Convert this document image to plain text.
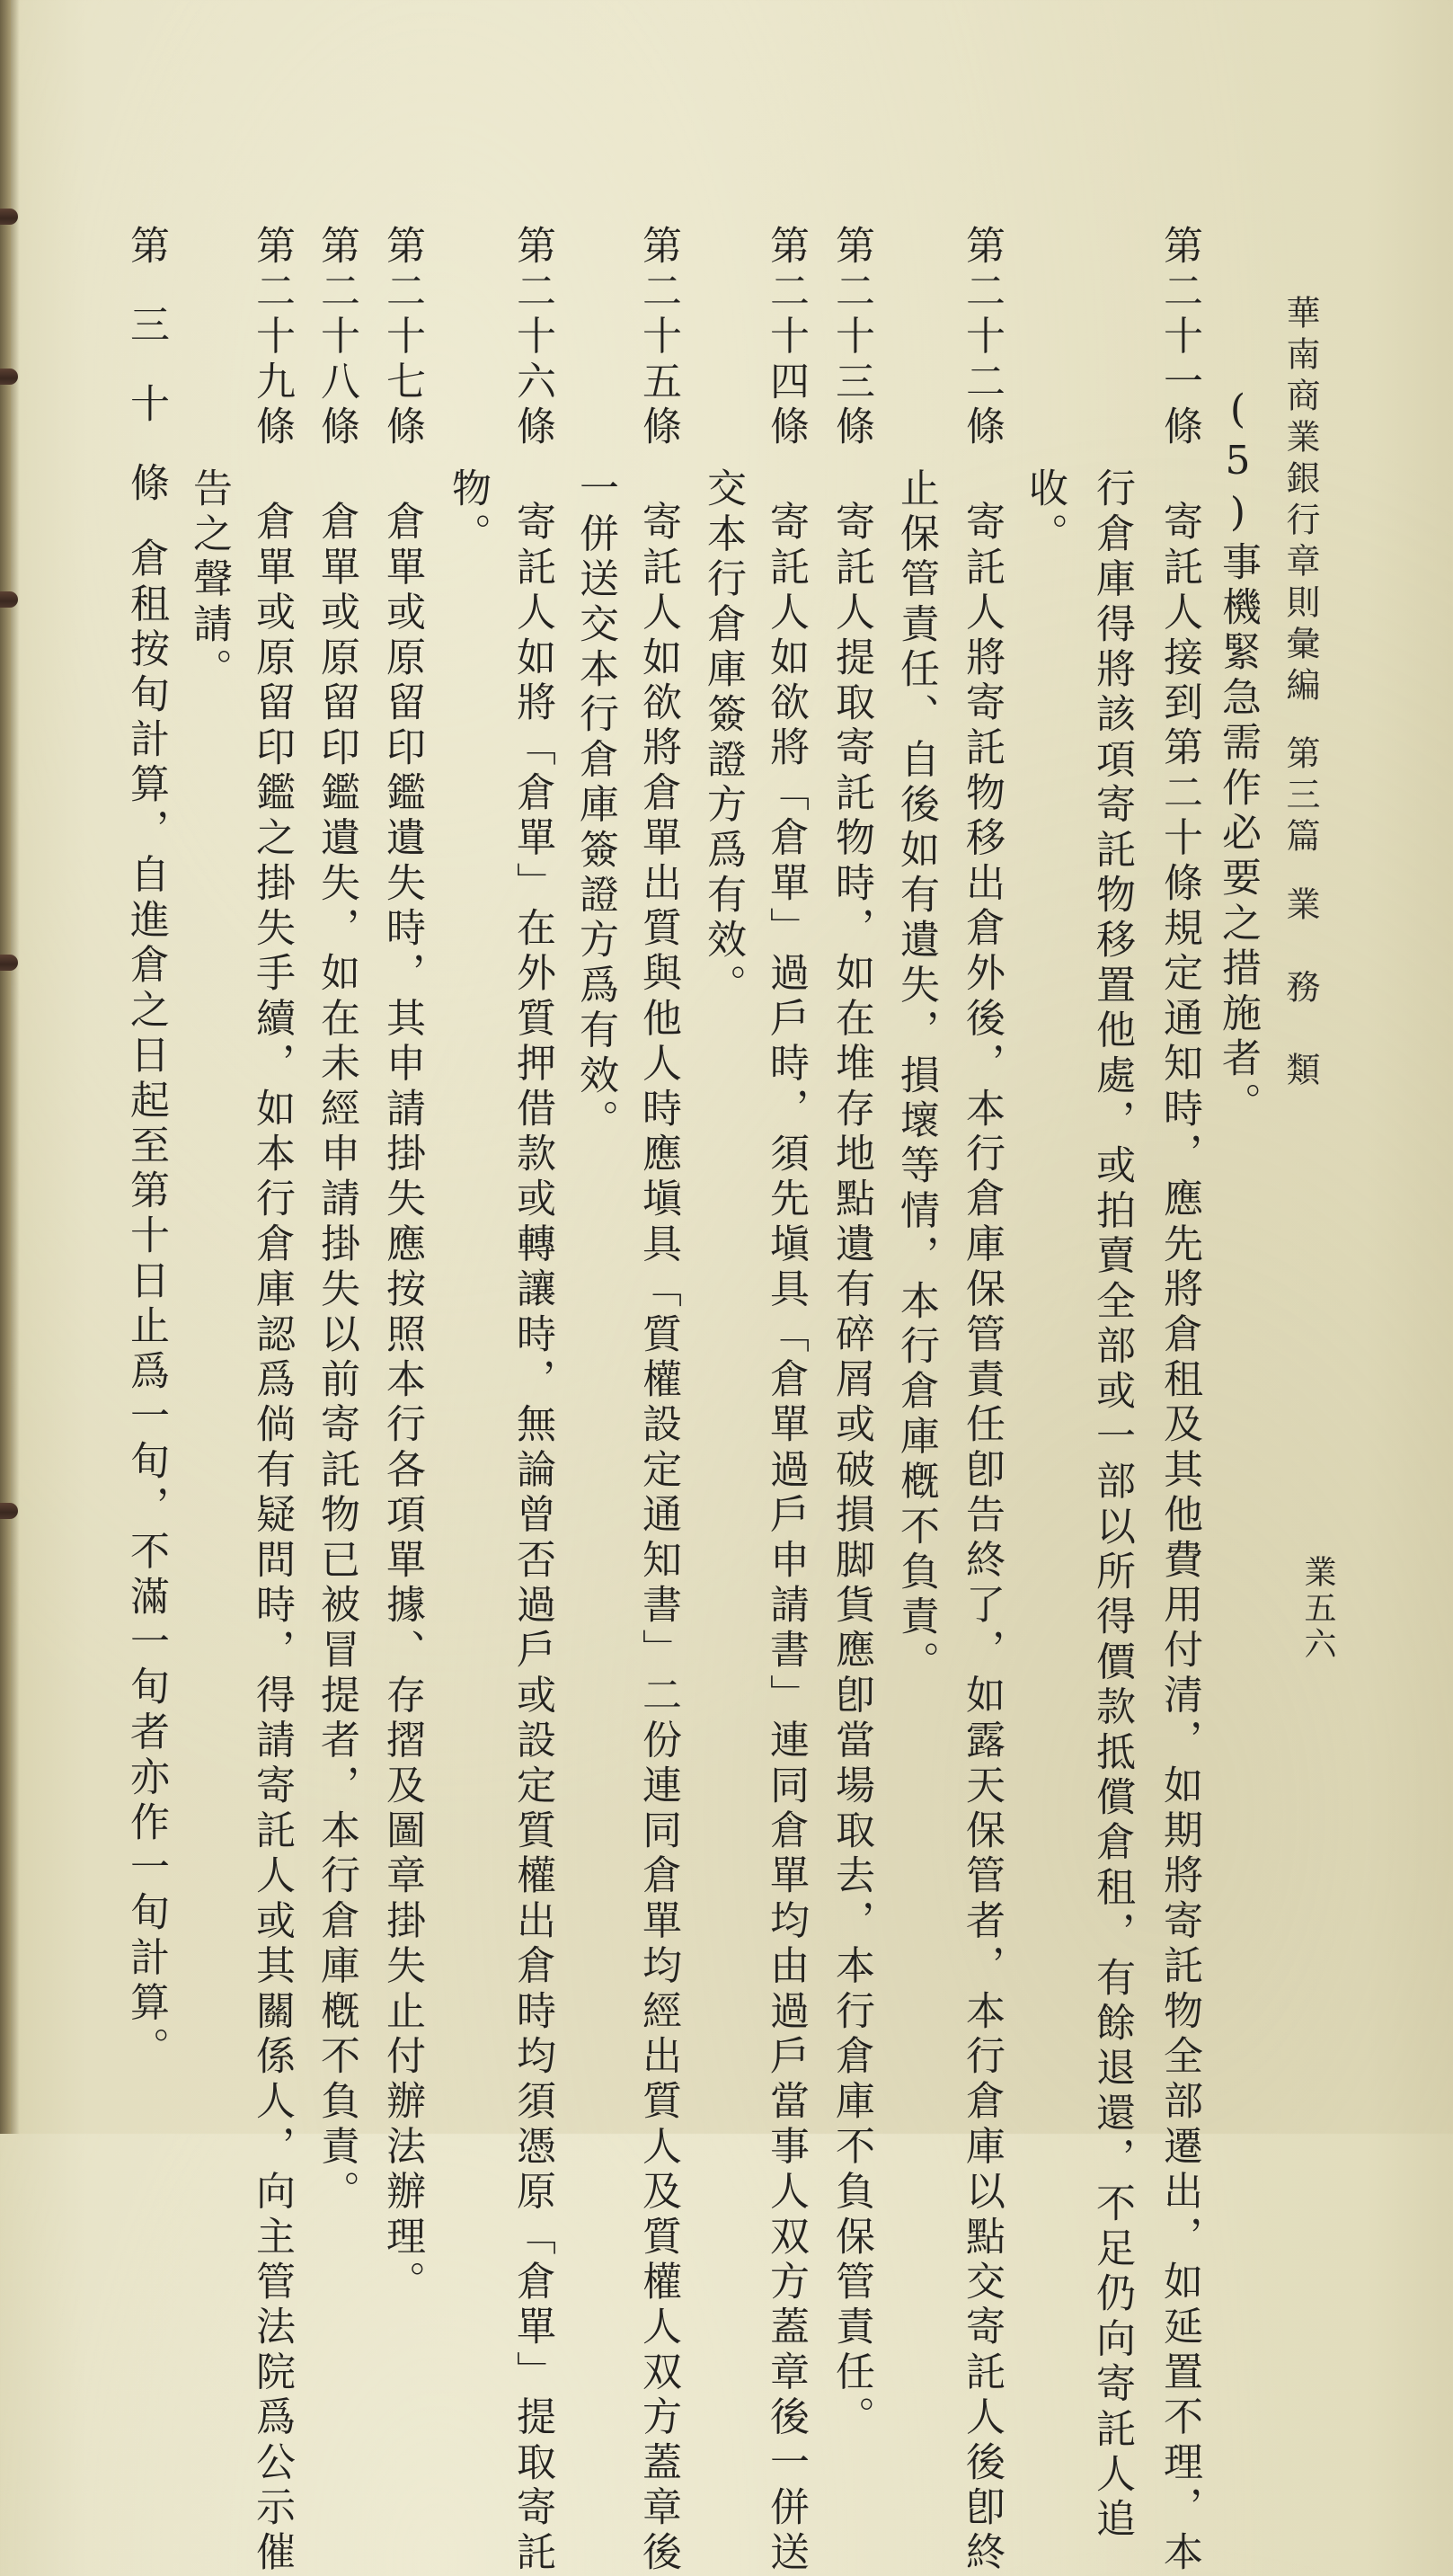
華南商業銀行章則彙編第三篇業　務　類
業五六
(5)事機緊急需作必要之措施者。
第二十一條寄託人接到第二十條規定通知時，應先將倉租及其他費用付清，如期將寄託物全部遷出，如延置不理，本
行倉庫得將該項寄託物移置他處，或拍賣全部或一部以所得價款抵償倉租，有餘退還，不足仍向寄託人追
收。
第二十二條寄託人將寄託物移出倉外後，本行倉庫保管責任卽告終了，如露天保管者，本行倉庫以點交寄託人後卽終
止保管責任、自後如有遺失，損壞等情，本行倉庫槪不負責。
第二十三條寄託人提取寄託物時，如在堆存地點遺有碎屑或破損脚貨應卽當場取去，本行倉庫不負保管責任。
第二十四條寄託人如欲將「倉單」過戶時，須先塡具「倉單過戶申請書」連同倉單均由過戶當事人双方蓋章後一併送
交本行倉庫簽證方爲有效。
第二十五條寄託人如欲將倉單出質與他人時應塡具「質權設定通知書」二份連同倉單均經出質人及質權人双方蓋章後
一併送交本行倉庫簽證方爲有效。
第二十六條寄託人如將「倉單」在外質押借款或轉讓時，無論曾否過戶或設定質權出倉時均須憑原「倉單」提取寄託
物。
第二十七條倉單或原留印鑑遺失時，其申請掛失應按照本行各項單據、存摺及圖章掛失止付辦法辦理。
第二十八條倉單或原留印鑑遺失，如在未經申請掛失以前寄託物已被冒提者，本行倉庫槪不負責。
第二十九條倉單或原留印鑑之掛失手續，如本行倉庫認爲倘有疑問時，得請寄託人或其關係人，向主管法院爲公示催
告之聲請。
第　三　十　條倉租按旬計算，自進倉之日起至第十日止爲一旬，不滿一旬者亦作一旬計算。
